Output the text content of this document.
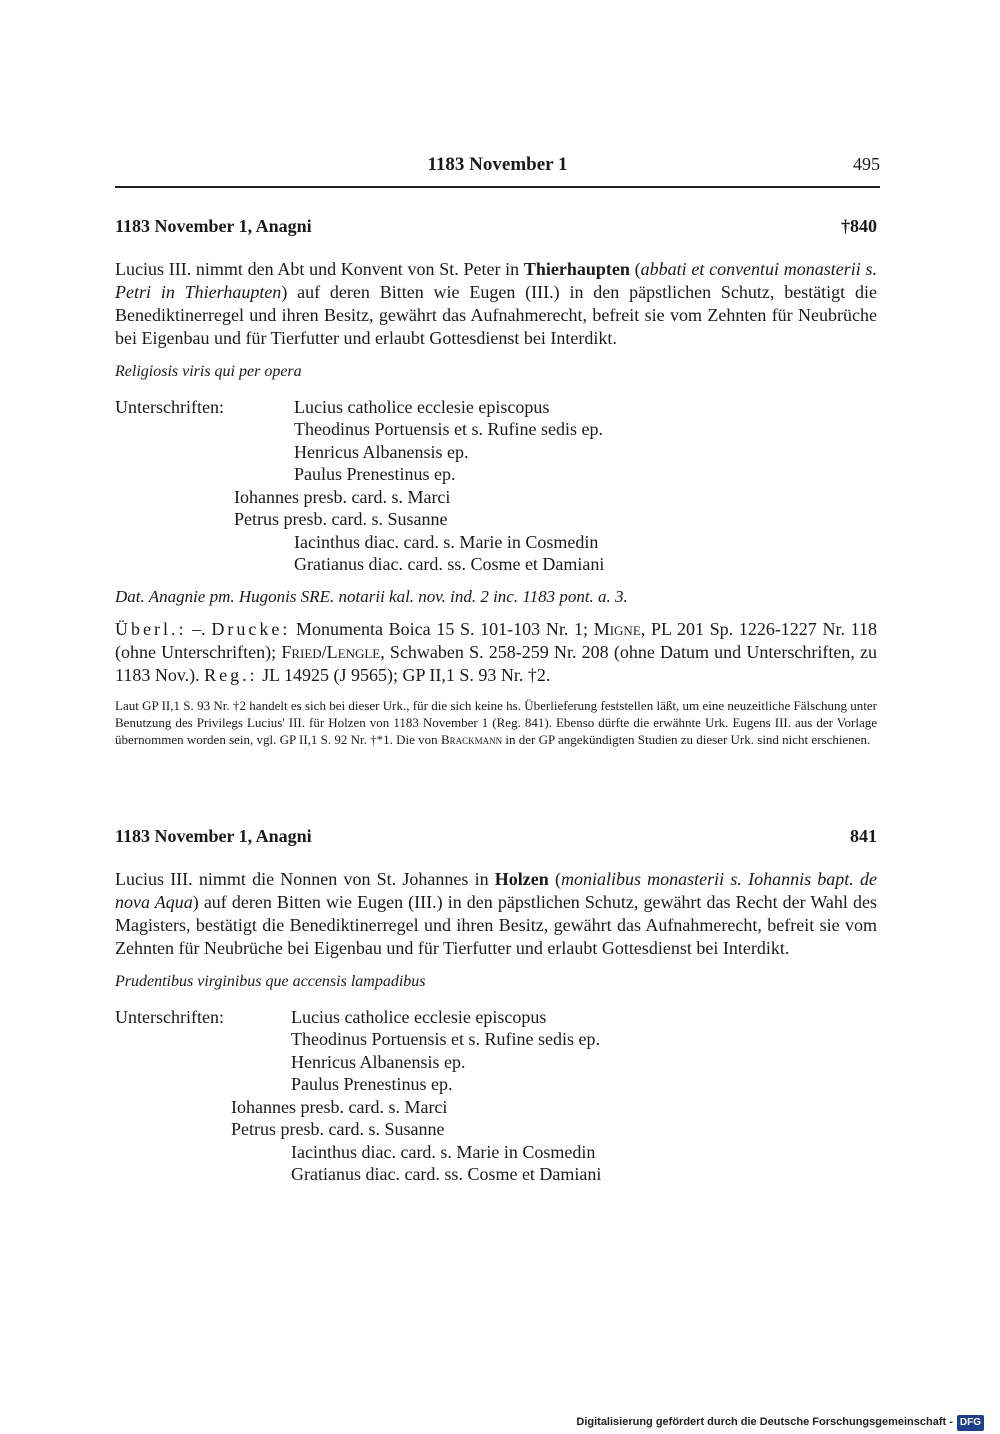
1183 November 1	495
1183 November 1, Anagni	†840
Lucius III. nimmt den Abt und Konvent von St. Peter in Thierhaupten (abbati et conventui monasterii s. Petri in Thierhaupten) auf deren Bitten wie Eugen (III.) in den päpstlichen Schutz, bestätigt die Benediktinerregel und ihren Besitz, gewährt das Aufnahmerecht, befreit sie vom Zehnten für Neubrüche bei Eigenbau und für Tierfutter und erlaubt Gottesdienst bei Interdikt.
Religiosis viris qui per opera
Unterschriften:	Lucius catholice ecclesie episcopus
Theodinus Portuensis et s. Rufine sedis ep.
Henricus Albanensis ep.
Paulus Prenestinus ep.
Iohannes presb. card. s. Marci
Petrus presb. card. s. Susanne
Iacinthus diac. card. s. Marie in Cosmedin
Gratianus diac. card. ss. Cosme et Damiani
Dat. Anagnie pm. Hugonis SRE. notarii kal. nov. ind. 2 inc. 1183 pont. a. 3.
Überl.: –. Drucke: Monumenta Boica 15 S. 101-103 Nr. 1; Migne, PL 201 Sp. 1226-1227 Nr. 118 (ohne Unterschriften); Fried/Lengle, Schwaben S. 258-259 Nr. 208 (ohne Datum und Unterschriften, zu 1183 Nov.). Reg.: JL 14925 (J 9565); GP II,1 S. 93 Nr. †2.
Laut GP II,1 S. 93 Nr. †2 handelt es sich bei dieser Urk., für die sich keine hs. Überlieferung feststellen läßt, um eine neuzeitliche Fälschung unter Benutzung des Privilegs Lucius' III. für Holzen von 1183 November 1 (Reg. 841). Ebenso dürfte die erwähnte Urk. Eugens III. aus der Vorlage übernommen worden sein, vgl. GP II,1 S. 92 Nr. †*1. Die von Brackmann in der GP angekündigten Studien zu dieser Urk. sind nicht erschienen.
1183 November 1, Anagni	841
Lucius III. nimmt die Nonnen von St. Johannes in Holzen (monialibus monasterii s. Iohannis bapt. de nova Aqua) auf deren Bitten wie Eugen (III.) in den päpstlichen Schutz, gewährt das Recht der Wahl des Magisters, bestätigt die Benediktinerregel und ihren Besitz, gewährt das Aufnahmerecht, befreit sie vom Zehnten für Neubrüche bei Eigenbau und für Tierfutter und erlaubt Gottesdienst bei Interdikt.
Prudentibus virginibus que accensis lampadibus
Unterschriften:	Lucius catholice ecclesie episcopus
Theodinus Portuensis et s. Rufine sedis ep.
Henricus Albanensis ep.
Paulus Prenestinus ep.
Iohannes presb. card. s. Marci
Petrus presb. card. s. Susanne
Iacinthus diac. card. s. Marie in Cosmedin
Gratianus diac. card. ss. Cosme et Damiani
Digitalisierung gefördert durch die Deutsche Forschungsgemeinschaft - DFG
